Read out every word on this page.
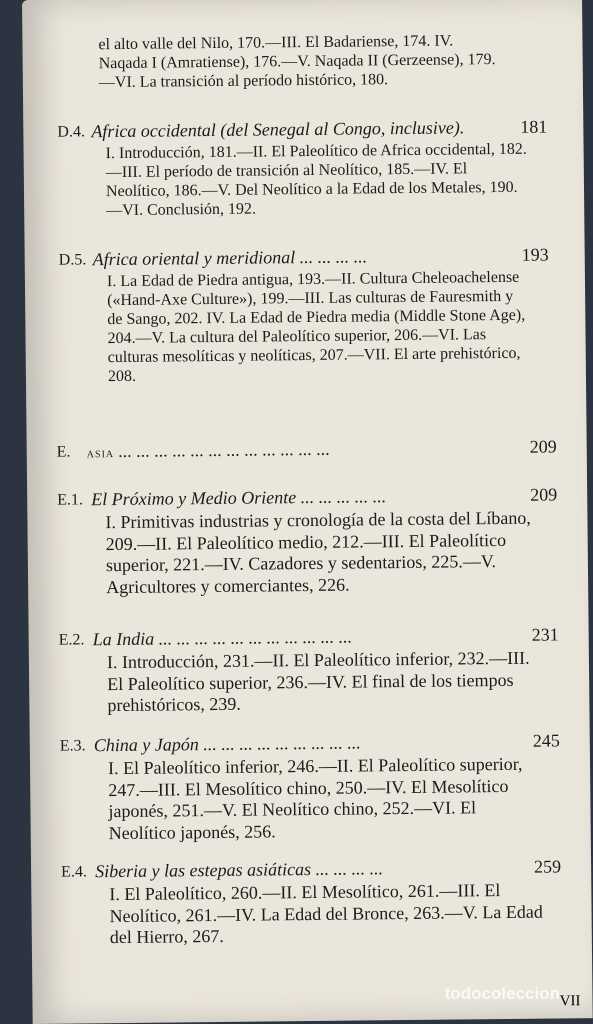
el alto valle del Nilo, 170.—III. El Badariense, 174. IV. Naqada I (Amratiense), 176.—V. Naqada II (Gerzeense), 179.—VI. La transición al período histórico, 180.
D.4. Africa occidental (del Senegal al Congo, inclusive).
I. Introducción, 181.—II. El Paleolítico de Africa occidental, 182.—III. El período de transición al Neolítico, 185.—IV. El Neolítico, 186.—V. Del Neolítico a la Edad de los Metales, 190.—VI. Conclusión, 192.
181
D.5. Africa oriental y meridional ... ... ... ...
I. La Edad de Piedra antigua, 193.—II. Cultura Cheleoachelense («Hand-Axe Culture»), 199.—III. Las culturas de Fauresmith y de Sango, 202. IV. La Edad de Piedra media (Middle Stone Age), 204.—V. La cultura del Paleolítico superior, 206.—VI. Las culturas mesolíticas y neolíticas, 207.—VII. El arte prehistórico, 208.
193
E.	asia ... ... ... ... ... ... ... ... ... ... ... ...	209
E.1. El Próximo y Medio Oriente ... ... ... ... ...
I. Primitivas industrias y cronología de la costa del Líbano, 209.—II. El Paleolítico medio, 212.—III. El Paleolítico superior, 221.—IV. Cazadores y sedentarios, 225.—V. Agricultores y comerciantes, 226.
209
E.2. La India ... ... ... ... ... ... ... ... ... ... ...
I. Introducción, 231.—II. El Paleolítico inferior, 232.—III. El Paleolítico superior, 236.—IV. El final de los tiempos prehistóricos, 239.
231
E.3. China y Japón ... ... ... ... ... ... ... ... ...
I. El Paleolítico inferior, 246.—II. El Paleolítico superior, 247.—III. El Mesolítico chino, 250.—IV. El Mesolítico japonés, 251.—V. El Neolítico chino, 252.—VI. El Neolítico japonés, 256.
245
E.4. Siberia y las estepas asiáticas ... ... ... ...
I. El Paleolítico, 260.—II. El Mesolítico, 261.—III. El Neolítico, 261.—IV. La Edad del Bronce, 263.—V. La Edad del Hierro, 267.
259
VII
todocoleccion
